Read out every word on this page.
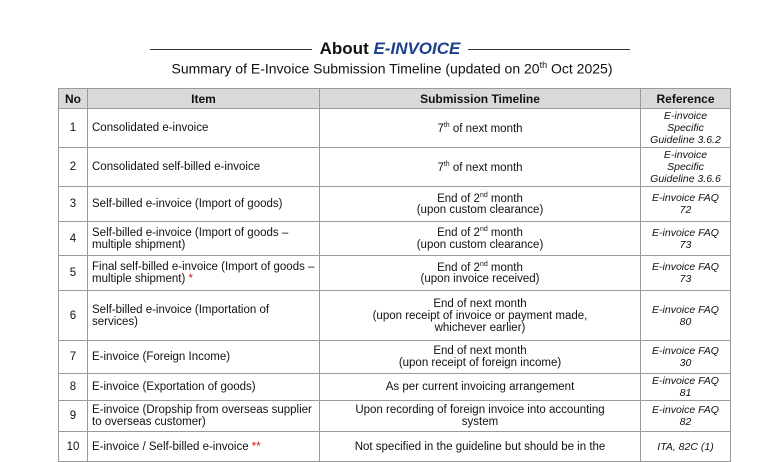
About E-INVOICE
Summary of E-Invoice Submission Timeline (updated on 20th Oct 2025)
No	Item	Submission Timeline	Reference
1	Consolidated e-invoice	7th of next month	E-invoice Specific Guideline 3.6.2
2	Consolidated self-billed e-invoice	7th of next month	E-invoice Specific Guideline 3.6.6
3	Self-billed e-invoice (Import of goods)	End of 2nd month
(upon custom clearance)	E-invoice FAQ 72
4	Self-billed e-invoice (Import of goods – multiple shipment)	End of 2nd month
(upon custom clearance)	E-invoice FAQ 73
5	Final self-billed e-invoice (Import of goods – multiple shipment) *	End of 2nd month
(upon invoice received)	E-invoice FAQ 73
6	Self-billed e-invoice (Importation of services)	End of next month
(upon receipt of invoice or payment made,
whichever earlier)	E-invoice FAQ 80
7	E-invoice (Foreign Income)	End of next month
(upon receipt of foreign income)	E-invoice FAQ 30
8	E-invoice (Exportation of goods)	As per current invoicing arrangement	E-invoice FAQ 81
9	E-invoice (Dropship from overseas supplier to overseas customer)	Upon recording of foreign invoice into accounting
system	E-invoice FAQ 82
10	E-invoice / Self-billed e-invoice **	Not specified in the guideline but should be in the	ITA, 82C (1)
